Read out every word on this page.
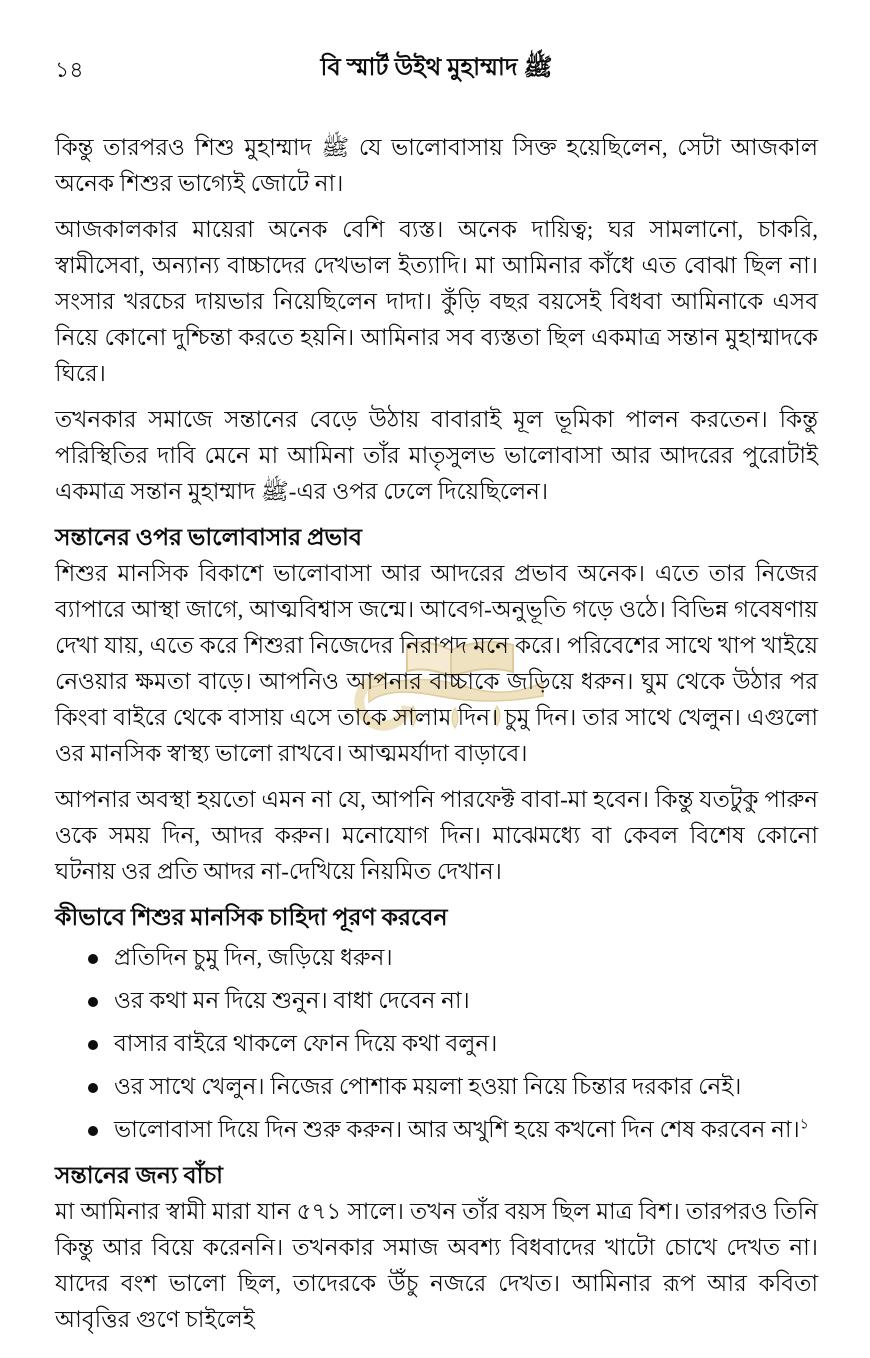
১৪	বি স্মার্ট উইথ মুহাম্মাদ ﷺ

কিন্তু তারপরও শিশু মুহাম্মাদ ﷺ যে ভালোবাসায় সিক্ত হয়েছিলেন, সেটা আজকাল অনেক শিশুর ভাগ্যেই জোটে না।

আজকালকার মায়েরা অনেক বেশি ব্যস্ত। অনেক দায়িত্ব; ঘর সামলানো, চাকরি, স্বামীসেবা, অন্যান্য বাচ্চাদের দেখভাল ইত্যাদি। মা আমিনার কাঁধে এত বোঝা ছিল না। সংসার খরচের দায়ভার নিয়েছিলেন দাদা। কুঁড়ি বছর বয়সেই বিধবা আমিনাকে এসব নিয়ে কোনো দুশ্চিন্তা করতে হয়নি। আমিনার সব ব্যস্ততা ছিল একমাত্র সন্তান মুহাম্মাদকে ঘিরে।

তখনকার সমাজে সন্তানের বেড়ে উঠায় বাবারাই মূল ভূমিকা পালন করতেন। কিন্তু পরিস্থিতির দাবি মেনে মা আমিনা তাঁর মাতৃসুলভ ভালোবাসা আর আদরের পুরোটাই একমাত্র সন্তান মুহাম্মাদ ﷺ-এর ওপর ঢেলে দিয়েছিলেন।

সন্তানের ওপর ভালোবাসার প্রভাব

শিশুর মানসিক বিকাশে ভালোবাসা আর আদরের প্রভাব অনেক। এতে তার নিজের ব্যাপারে আস্থা জাগে, আত্মবিশ্বাস জন্মে। আবেগ-অনুভূতি গড়ে ওঠে। বিভিন্ন গবেষণায় দেখা যায়, এতে করে শিশুরা নিজেদের নিরাপদ মনে করে। পরিবেশের সাথে খাপ খাইয়ে নেওয়ার ক্ষমতা বাড়ে। আপনিও আপনার বাচ্চাকে জড়িয়ে ধরুন। ঘুম থেকে উঠার পর কিংবা বাইরে থেকে বাসায় এসে তাকে সালাম দিন। চুমু দিন। তার সাথে খেলুন। এগুলো ওর মানসিক স্বাস্থ্য ভালো রাখবে। আত্মমর্যাদা বাড়াবে।

আপনার অবস্থা হয়তো এমন না যে, আপনি পারফেক্ট বাবা-মা হবেন। কিন্তু যতটুকু পারুন ওকে সময় দিন, আদর করুন। মনোযোগ দিন। মাঝেমধ্যে বা কেবল বিশেষ কোনো ঘটনায় ওর প্রতি আদর না-দেখিয়ে নিয়মিত দেখান।

কীভাবে শিশুর মানসিক চাহিদা পূরণ করবেন
প্রতিদিন চুমু দিন, জড়িয়ে ধরুন।
ওর কথা মন দিয়ে শুনুন। বাধা দেবেন না।
বাসার বাইরে থাকলে ফোন দিয়ে কথা বলুন।
ওর সাথে খেলুন। নিজের পোশাক ময়লা হওয়া নিয়ে চিন্তার দরকার নেই।
ভালোবাসা দিয়ে দিন শুরু করুন। আর অখুশি হয়ে কখনো দিন শেষ করবেন না।$^১$
সন্তানের জন্য বাঁচা

মা আমিনার স্বামী মারা যান ৫৭১ সালে। তখন তাঁর বয়স ছিল মাত্র বিশ। তারপরও তিনি কিন্তু আর বিয়ে করেননি। তখনকার সমাজ অবশ্য বিধবাদের খাটো চোখে দেখত না। যাদের বংশ ভালো ছিল, তাদেরকে উঁচু নজরে দেখত। আমিনার রূপ আর কবিতা আবৃত্তির গুণে চাইলেই
